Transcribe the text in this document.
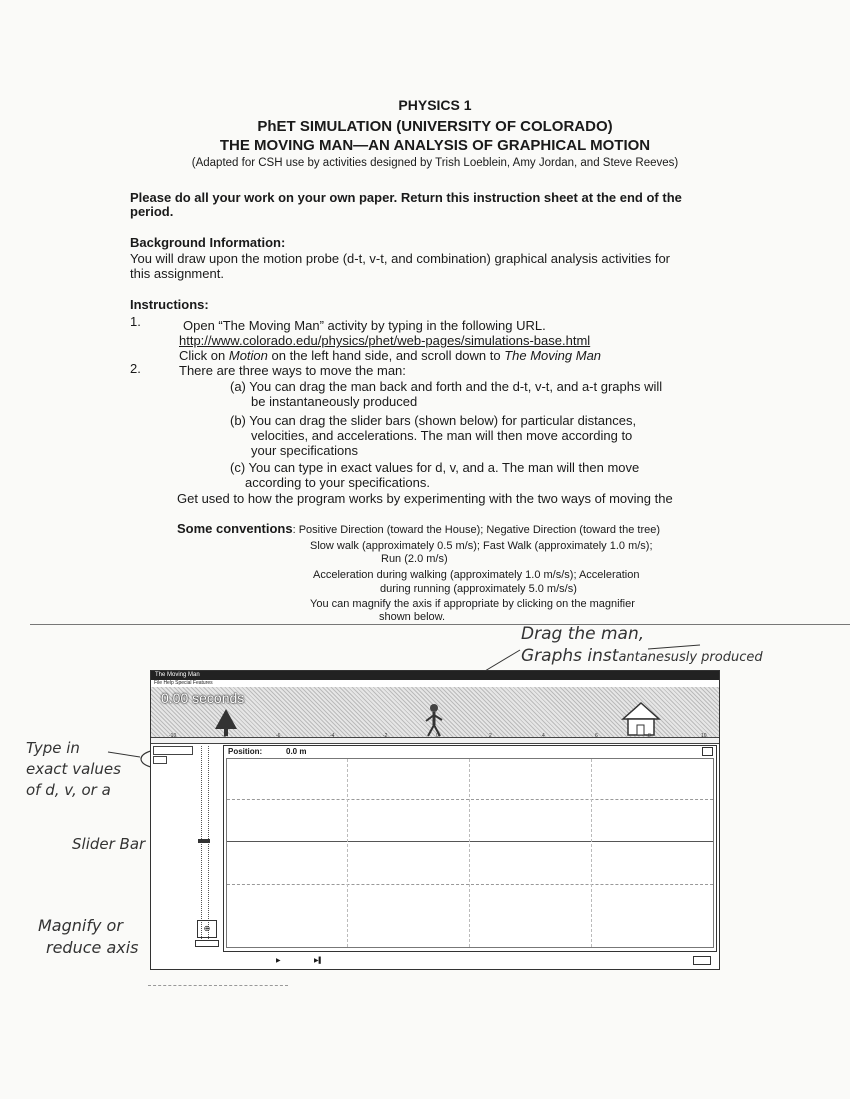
PHYSICS 1
PhET SIMULATION (UNIVERSITY OF COLORADO)
THE MOVING MAN—AN ANALYSIS OF GRAPHICAL MOTION
(Adapted for CSH use by activities designed by Trish Loeblein, Amy Jordan, and Steve Reeves)
Please do all your work on your own paper. Return this instruction sheet at the end of the
period.
Background Information:
You will draw upon the motion probe (d-t, v-t, and combination) graphical analysis activities for
this assignment.
Instructions:
1.	Open “The Moving Man” activity by typing in the following URL.
http://www.colorado.edu/physics/phet/web-pages/simulations-base.html
Click on Motion on the left hand side, and scroll down to The Moving Man
2.	There are three ways to move the man:
(a) You can drag the man back and forth and the d-t, v-t, and a-t graphs will
be instantaneously produced
(b) You can drag the slider bars (shown below) for particular distances,
velocities, and accelerations. The man will then move according to
your specifications
(c) You can type in exact values for d, v, and a. The man will then move
according to your specifications.
Get used to how the program works by experimenting with the two ways of moving the
Some conventions: Positive Direction (toward the House); Negative Direction (toward the tree)
Slow walk (approximately 0.5 m/s); Fast Walk (approximately 1.0 m/s);
Run (2.0 m/s)
Acceleration during walking (approximately 1.0 m/s/s); Acceleration
during running (approximately 5.0 m/s/s)
You can magnify the axis if appropriate by clicking on the magnifier
shown below.
Drag the man,
Graphs instantanesusly produced
Type in
exact values
of d, v, or a
Slider Bar
Magnify or
reduce axis
The Moving Man
File Help Special Features
0.00 seconds
-10	-8	-6	-4	-2	0	2	4	6	8	10
⊕
Position:	0.0 m
▶	▶▌
